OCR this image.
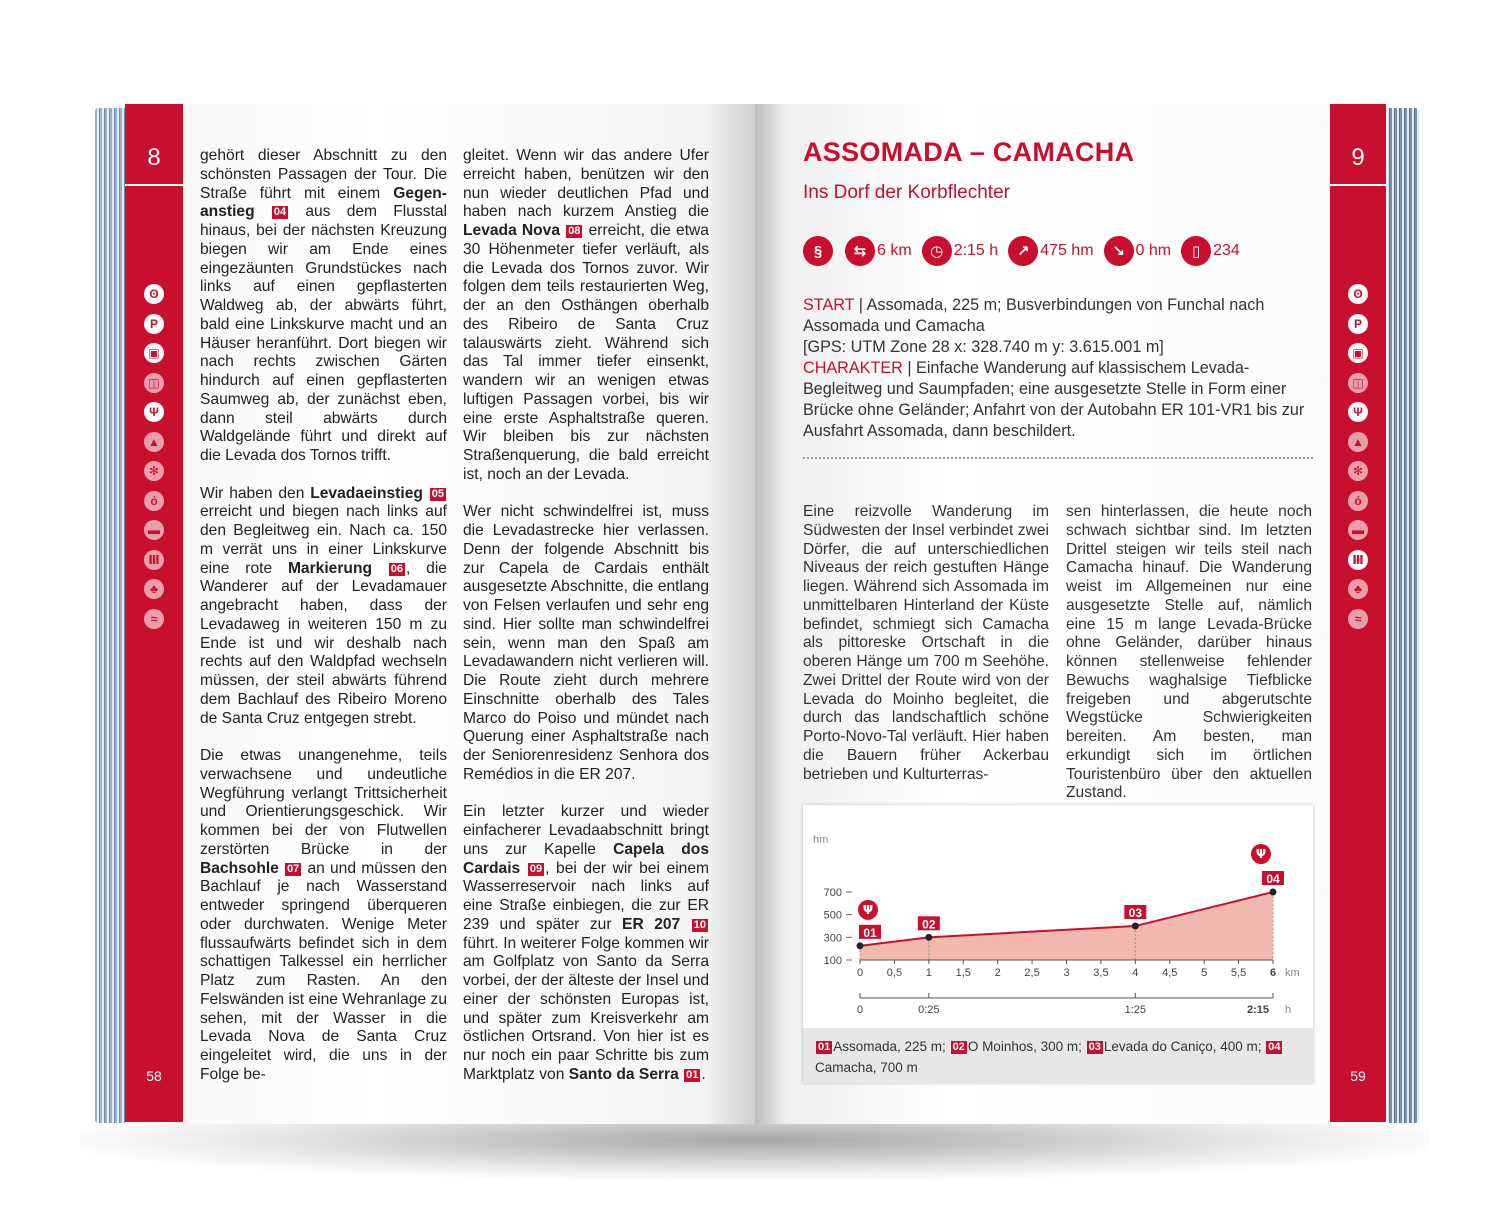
8
ʘ
P
▣
◫
Ψ
▲
✻
ό
▬
Ⅲ
♣
≈
58
9
ʘ
P
▣
◫
Ψ
▲
✻
ό
▬
Ⅲ
♣
≈
59

gehört dieser Abschnitt zu den schönsten Passagen der Tour. Die Straße führt mit einem Gegen-anstieg 04 aus dem Flusstal hinaus, bei der nächsten Kreuzung biegen wir am Ende eines eingezäunten Grundstückes nach links auf einen gepflasterten Waldweg ab, der abwärts führt, bald eine Linkskurve macht und an Häuser heranführt. Dort biegen wir nach rechts zwischen Gärten hindurch auf einen gepflasterten Saumweg ab, der zunächst eben, dann steil abwärts durch Waldgelände führt und direkt auf die Levada dos Tornos trifft.

Wir haben den Levadaeinstieg 05 erreicht und biegen nach links auf den Begleitweg ein. Nach ca. 150 m verrät uns in einer Linkskurve eine rote Markierung 06 , die Wanderer auf der Levadamauer angebracht haben, dass der Levadaweg in weiteren 150 m zu Ende ist und wir deshalb nach rechts auf den Waldpfad wechseln müssen, der steil abwärts führend dem Bachlauf des Ribeiro Moreno de Santa Cruz entgegen strebt.

Die etwas unangenehme, teils verwachsene und undeutliche Wegführung verlangt Trittsicherheit und Orientierungsgeschick. Wir kommen bei der von Flutwellen zerstörten Brücke in der Bachsohle 07 an und müssen den Bachlauf je nach Wasserstand entweder springend überqueren oder durchwaten. Wenige Meter flussaufwärts befindet sich in dem schattigen Talkessel ein herrlicher Platz zum Rasten. An den Felswänden ist eine Wehranlage zu sehen, mit der Wasser in die Levada Nova de Santa Cruz eingeleitet wird, die uns in der Folge be-

gleitet. Wenn wir das andere Ufer erreicht haben, benützen wir den nun wieder deutlichen Pfad und haben nach kurzem Anstieg die Levada Nova 08 erreicht, die etwa 30 Höhenmeter tiefer verläuft, als die Levada dos Tornos zuvor. Wir folgen dem teils restaurierten Weg, der an den Osthängen oberhalb des Ribeiro de Santa Cruz talauswärts zieht. Während sich das Tal immer tiefer einsenkt, wandern wir an wenigen etwas luftigen Passagen vorbei, bis wir eine erste Asphaltstraße queren. Wir bleiben bis zur nächsten Straßenquerung, die bald erreicht ist, noch an der Levada.

Wer nicht schwindelfrei ist, muss die Levadastrecke hier verlassen. Denn der folgende Abschnitt bis zur Capela de Cardais enthält ausgesetzte Abschnitte, die entlang von Felsen verlaufen und sehr eng sind. Hier sollte man schwindelfrei sein, wenn man den Spaß am Levadawandern nicht verlieren will. Die Route zieht durch mehrere Einschnitte oberhalb des Tales Marco do Poiso und mündet nach Querung einer Asphaltstraße nach der Seniorenresidenz Senhora dos Remédios in die ER 207.

Ein letzter kurzer und wieder einfacherer Levadaabschnitt bringt uns zur Kapelle Capela dos Cardais 09 , bei der wir bei einem Wasserreservoir nach links auf eine Straße einbiegen, die zur ER 239 und später zur ER 207 10 führt. In weiterer Folge kommen wir am Golfplatz von Santo da Serra vorbei, der der älteste der Insel und einer der schönsten Europas ist, und später zum Kreisverkehr am östlichen Ortsrand. Von hier ist es nur noch ein paar Schritte bis zum Marktplatz von Santo da Serra 01 .

ASSOMADA – CAMACHA
Ins Dorf der Korbflechter
§	⇆ 6 km	◷ 2:15 h	↗ 475 hm	↘ 0 hm	▯ 234
START | Assomada, 225 m; Busverbindungen von Funchal nach Assomada und Camacha
[GPS: UTM Zone 28 x: 328.740 m y: 3.615.001 m]
CHARAKTER | Einfache Wanderung auf klassischem Levada-Begleitweg und Saumpfaden; eine ausgesetzte Stelle in Form einer Brücke ohne Geländer; Anfahrt von der Autobahn ER 101-VR1 bis zur Ausfahrt Assomada, dann beschildert.
Eine reizvolle Wanderung im Südwesten der Insel verbindet zwei Dörfer, die auf unterschiedlichen Niveaus der reich gestuften Hänge liegen. Während sich Assomada im unmittelbaren Hinterland der Küste befindet, schmiegt sich Camacha als pittoreske Ortschaft in die oberen Hänge um 700 m Seehöhe. Zwei Drittel der Route wird von der Levada do Moinho begleitet, die durch das landschaftlich schöne Porto-Novo-Tal verläuft. Hier haben die Bauern früher Ackerbau betrieben und Kulturterras-
sen hinterlassen, die heute noch schwach sichtbar sind. Im letzten Drittel steigen wir teils steil nach Camacha hinauf. Die Wanderung weist im Allgemeinen nur eine ausgesetzte Stelle auf, nämlich eine 15 m lange Levada-Brücke ohne Geländer, darüber hinaus können stellenweise fehlender Bewuchs waghalsige Tiefblicke freigeben und abgerutschte Wegstücke Schwierigkeiten bereiten. Am besten, man erkundigt sich im örtlichen Touristenbüro über den aktuellen Zustand.
hm
700
500
300
100
0 0,5 1 1,5 2 2,5 3 3,5 4 4,5 5 5,5 6 km
0	0:25	1:25	2:15 h
01
02
03
04
Ψ
Ψ
01 Assomada, 225 m; 02 O Moinhos, 300 m; 03 Levada do Caniço, 400 m; 04Camacha, 700 m
